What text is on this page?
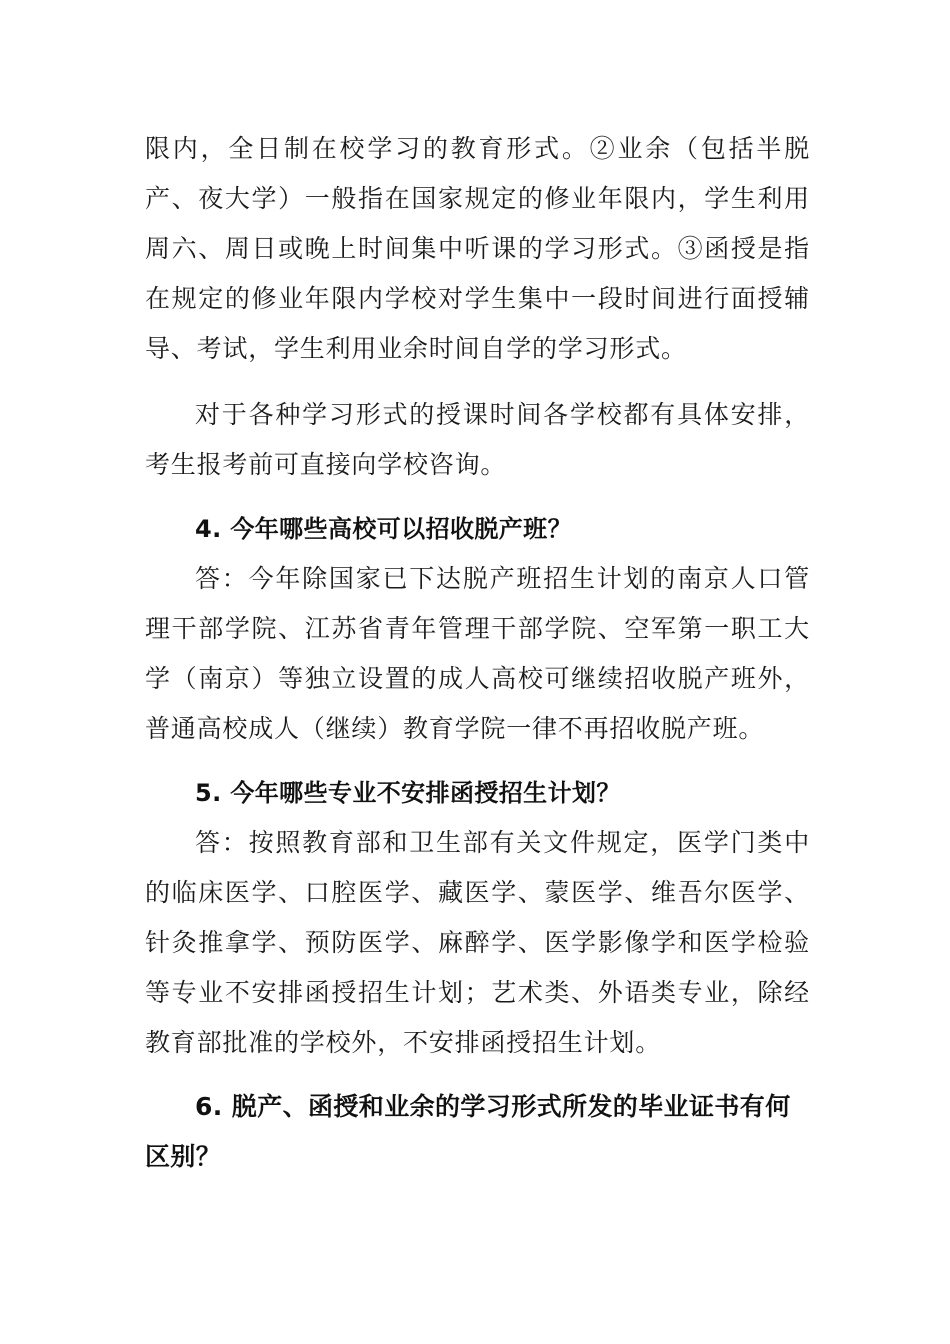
限内，全日制在校学习的教育形式。②业余（包括半脱产、夜大学）一般指在国家规定的修业年限内，学生利用周六、周日或晚上时间集中听课的学习形式。③函授是指在规定的修业年限内学校对学生集中一段时间进行面授辅导、考试，学生利用业余时间自学的学习形式。

对于各种学习形式的授课时间各学校都有具体安排，考生报考前可直接向学校咨询。

4. 今年哪些高校可以招收脱产班？

答：今年除国家已下达脱产班招生计划的南京人口管理干部学院、江苏省青年管理干部学院、空军第一职工大学（南京）等独立设置的成人高校可继续招收脱产班外，普通高校成人（继续）教育学院一律不再招收脱产班。

5. 今年哪些专业不安排函授招生计划？

答：按照教育部和卫生部有关文件规定，医学门类中的临床医学、口腔医学、藏医学、蒙医学、维吾尔医学、针灸推拿学、预防医学、麻醉学、医学影像学和医学检验等专业不安排函授招生计划；艺术类、外语类专业，除经教育部批准的学校外，不安排函授招生计划。

6. 脱产、函授和业余的学习形式所发的毕业证书有何区别？
